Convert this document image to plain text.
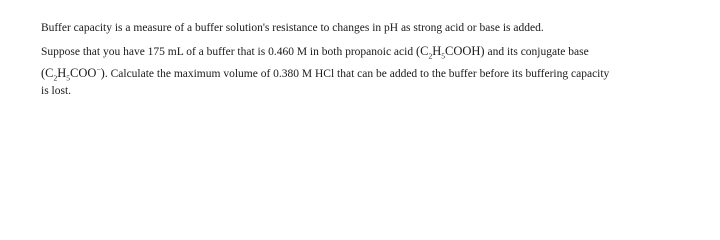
Buffer capacity is a measure of a buffer solution's resistance to changes in pH as strong acid or base is added.

Suppose that you have 175 mL of a buffer that is 0.460 M in both propanoic acid $(C_2H_5COOH)$ and its conjugate base

$(C_2H_5COO^-)$. Calculate the maximum volume of 0.380 M HCl that can be added to the buffer before its buffering capacity

is lost.
